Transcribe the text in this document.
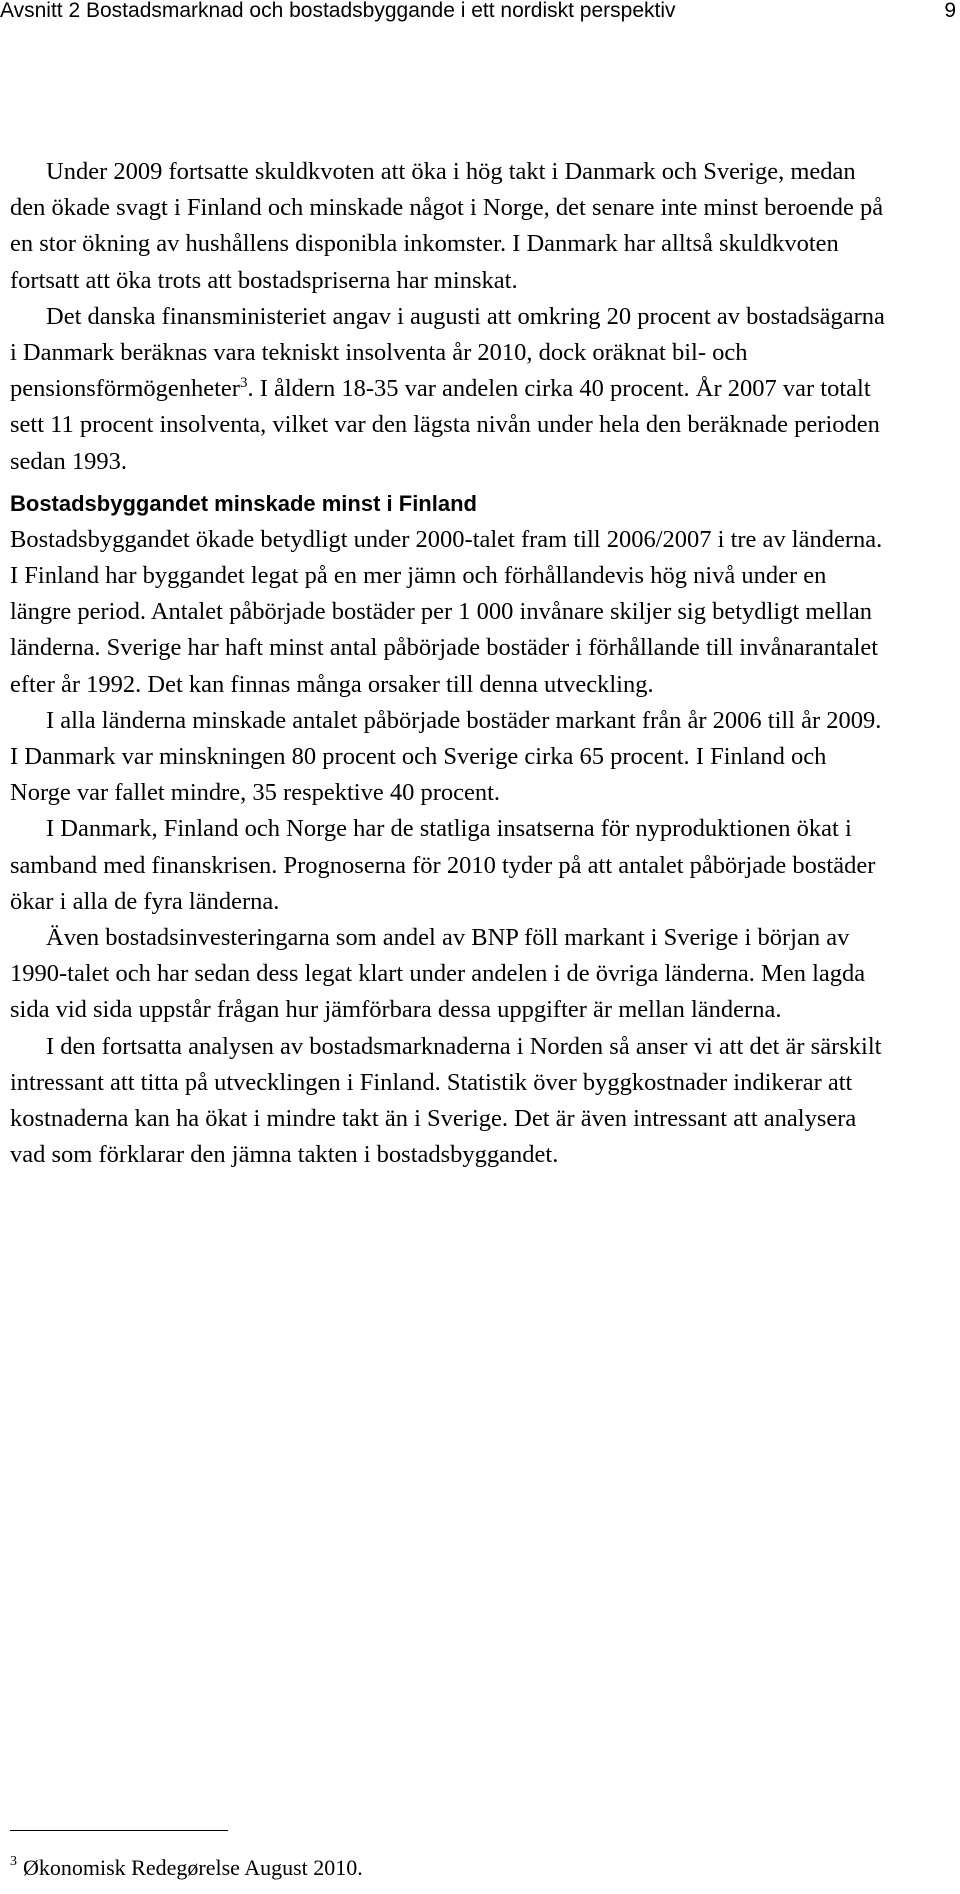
Avsnitt 2 Bostadsmarknad och bostadsbyggande i ett nordiskt perspektiv	9

Under 2009 fortsatte skuldkvoten att öka i hög takt i Danmark och Sverige, medan den ökade svagt i Finland och minskade något i Norge, det senare inte minst beroende på en stor ökning av hushållens disponibla inkomster. I Danmark har alltså skuldkvoten fortsatt att öka trots att bostadspriserna har minskat.

Det danska finansministeriet angav i augusti att omkring 20 procent av bostadsägarna i Danmark beräknas vara tekniskt insolventa år 2010, dock oräknat bil- och pensionsförmögenheter$^3$. I åldern 18-35 var andelen cirka 40 procent. År 2007 var totalt sett 11 procent insolventa, vilket var den lägsta nivån under hela den beräknade perioden sedan 1993.

Bostadsbyggandet minskade minst i Finland

Bostadsbyggandet ökade betydligt under 2000-talet fram till 2006/2007 i tre av länderna. I Finland har byggandet legat på en mer jämn och förhållandevis hög nivå under en längre period. Antalet påbörjade bostäder per 1 000 invånare skiljer sig betydligt mellan länderna. Sverige har haft minst antal påbörjade bostäder i förhållande till invånarantalet efter år 1992. Det kan finnas många orsaker till denna utveckling.

I alla länderna minskade antalet påbörjade bostäder markant från år 2006 till år 2009. I Danmark var minskningen 80 procent och Sverige cirka 65 procent. I Finland och Norge var fallet mindre, 35 respektive 40 procent.

I Danmark, Finland och Norge har de statliga insatserna för nyproduktionen ökat i samband med finanskrisen. Prognoserna för 2010 tyder på att antalet påbörjade bostäder ökar i alla de fyra länderna.

Även bostadsinvesteringarna som andel av BNP föll markant i Sverige i början av 1990-talet och har sedan dess legat klart under andelen i de övriga länderna. Men lagda sida vid sida uppstår frågan hur jämförbara dessa uppgifter är mellan länderna.

I den fortsatta analysen av bostadsmarknaderna i Norden så anser vi att det är särskilt intressant att titta på utvecklingen i Finland. Statistik över byggkostnader indikerar att kostnaderna kan ha ökat i mindre takt än i Sverige. Det är även intressant att analysera vad som förklarar den jämna takten i bostadsbyggandet.

$^3$ Økonomisk Redegørelse August 2010.
